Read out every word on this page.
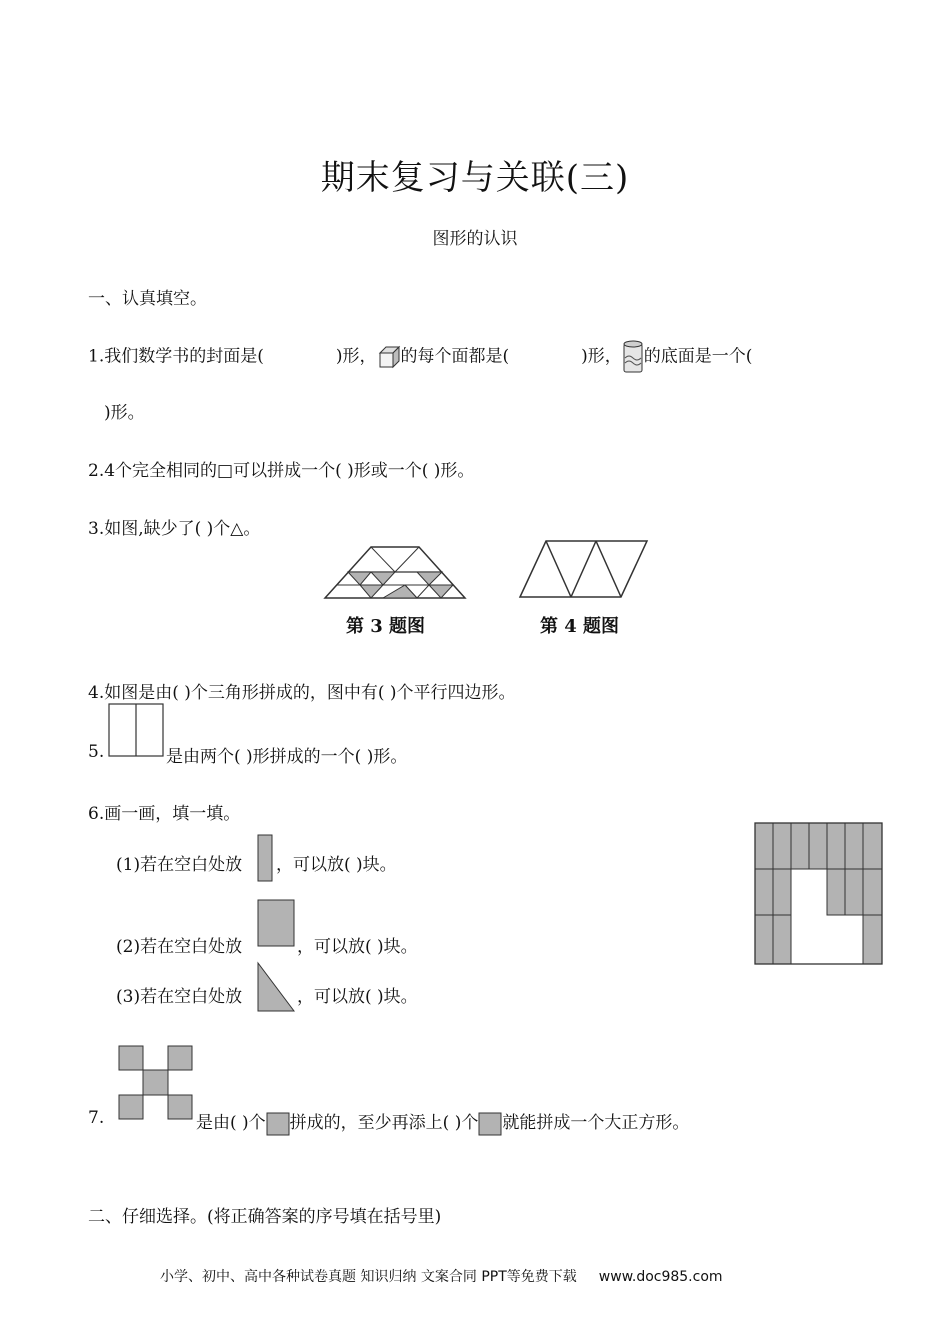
期末复习与关联(三)
图形的认识
一、认真填空。
1.我们数学书的封面是(	)形， 的每个面都是(	)形， 的底面是一个(
)形。
2.4个完全相同的□可以拼成一个( )形或一个( )形。
3.如图,缺少了( )个△。
第 3 题图	第 4 题图
4.如图是由( )个三角形拼成的，图中有( )个平行四边形。
5.	是由两个( )形拼成的一个( )形。
6.画一画，填一填。
(1)若在空白处放 ，可以放( )块。
(2)若在空白处放	，可以放( )块。
(3)若在空白处放	，可以放( )块。
7.	是由( )个 拼成的，至少再添上( )个 就能拼成一个大正方形。
二、仔细选择。(将正确答案的序号填在括号里)
小学、初中、高中各种试卷真题 知识归纳 文案合同 PPT等免费下载 www.doc985.com
